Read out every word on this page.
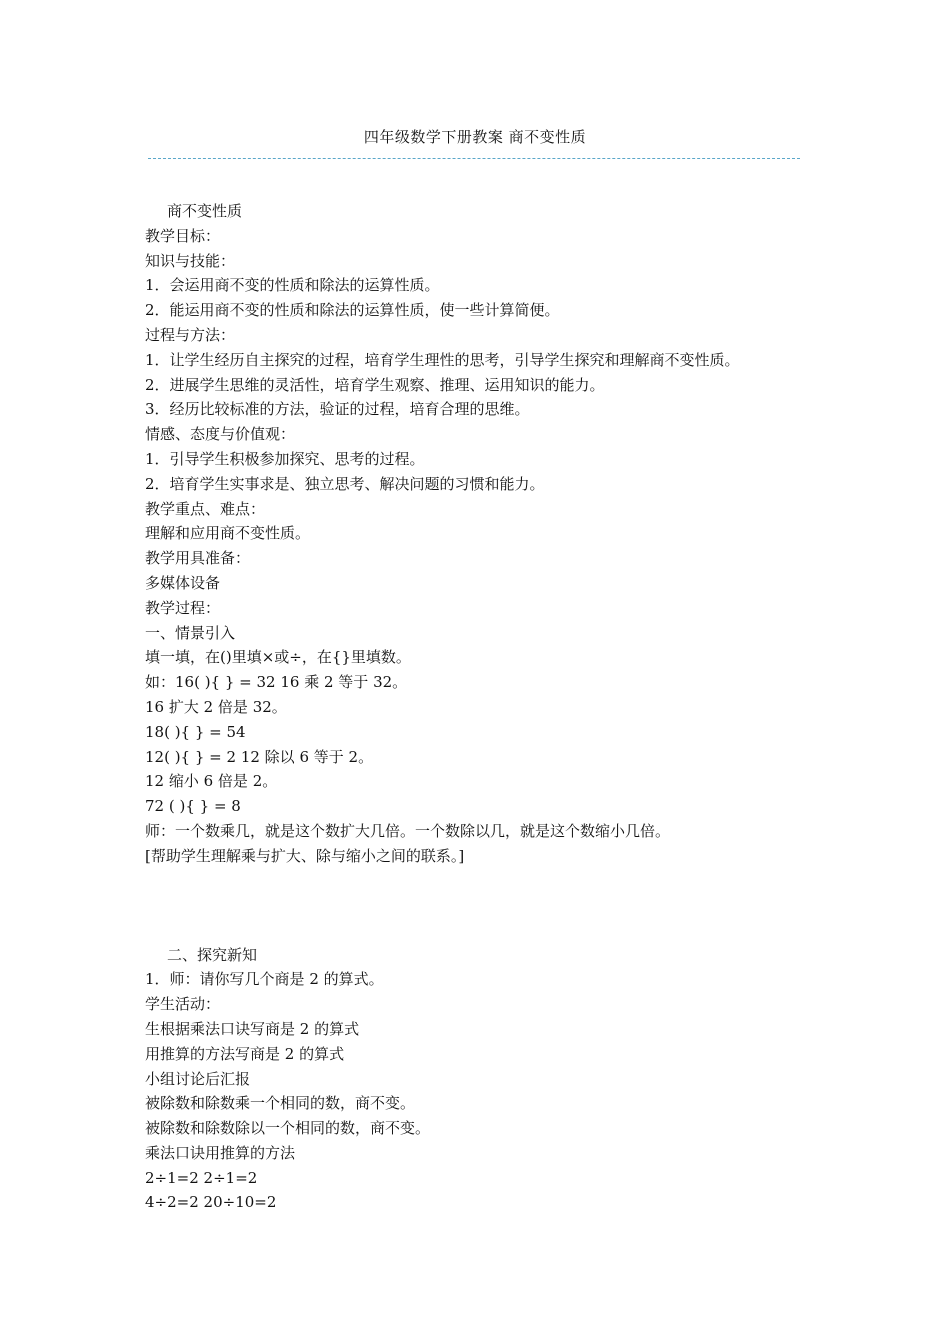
四年级数学下册教案 商不变性质
商不变性质
教学目标：
知识与技能：
1．会运用商不变的性质和除法的运算性质。
2．能运用商不变的性质和除法的运算性质，使一些计算简便。
过程与方法：
1．让学生经历自主探究的过程，培育学生理性的思考，引导学生探究和理解商不变性质。
2．进展学生思维的灵活性，培育学生观察、推理、运用知识的能力。
3．经历比较标准的方法，验证的过程，培育合理的思维。
情感、态度与价值观：
1．引导学生积极参加探究、思考的过程。
2．培育学生实事求是、独立思考、解决问题的习惯和能力。
教学重点、难点：
理解和应用商不变性质。
教学用具准备：
多媒体设备
教学过程：
一、情景引入
填一填，在()里填×或÷，在{}里填数。
如：16( ){ } = 32 16 乘 2 等于 32。
16 扩大 2 倍是 32。
18( ){ } = 54
12( ){ } = 2 12 除以 6 等于 2。
12 缩小 6 倍是 2。
72 ( ){ } = 8
师：一个数乘几，就是这个数扩大几倍。一个数除以几，就是这个数缩小几倍。
[帮助学生理解乘与扩大、除与缩小之间的联系。]
二、探究新知
1．师：请你写几个商是 2 的算式。
学生活动：
生根据乘法口诀写商是 2 的算式
用推算的方法写商是 2 的算式
小组讨论后汇报
被除数和除数乘一个相同的数，商不变。
被除数和除数除以一个相同的数，商不变。
乘法口诀用推算的方法
2÷1=2 2÷1=2
4÷2=2 20÷10=2
